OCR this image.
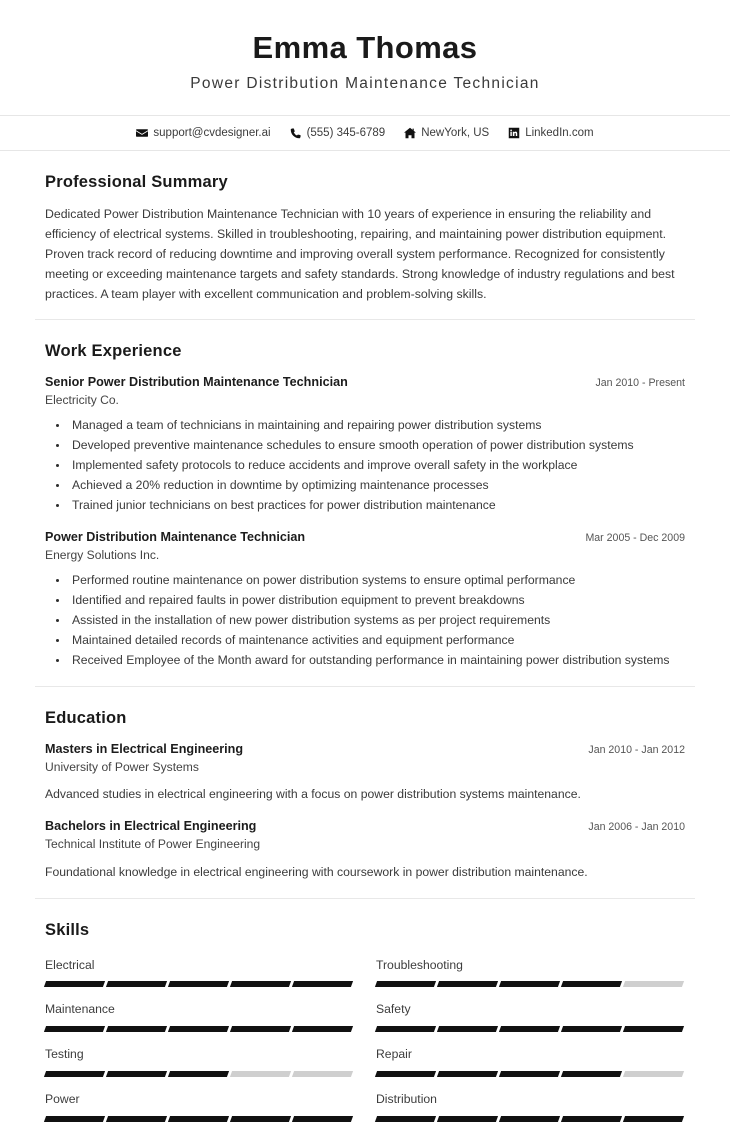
Emma Thomas
Power Distribution Maintenance Technician
support@cvdesigner.ai	(555) 345-6789	NewYork, US	LinkedIn.com
Professional Summary

Dedicated Power Distribution Maintenance Technician with 10 years of experience in ensuring the reliability and efficiency of electrical systems. Skilled in troubleshooting, repairing, and maintaining power distribution equipment. Proven track record of reducing downtime and improving overall system performance. Recognized for consistently meeting or exceeding maintenance targets and safety standards. Strong knowledge of industry regulations and best practices. A team player with excellent communication and problem-solving skills.

Work Experience
Senior Power Distribution Maintenance Technician	Jan 2010 - Present
Electricity Co.
• Managed a team of technicians in maintaining and repairing power distribution systems
• Developed preventive maintenance schedules to ensure smooth operation of power distribution systems
• Implemented safety protocols to reduce accidents and improve overall safety in the workplace
• Achieved a 20% reduction in downtime by optimizing maintenance processes
• Trained junior technicians on best practices for power distribution maintenance
Power Distribution Maintenance Technician	Mar 2005 - Dec 2009
Energy Solutions Inc.
• Performed routine maintenance on power distribution systems to ensure optimal performance
• Identified and repaired faults in power distribution equipment to prevent breakdowns
• Assisted in the installation of new power distribution systems as per project requirements
• Maintained detailed records of maintenance activities and equipment performance
• Received Employee of the Month award for outstanding performance in maintaining power distribution systems
Education
Masters in Electrical Engineering	Jan 2010 - Jan 2012
University of Power Systems
Advanced studies in electrical engineering with a focus on power distribution systems maintenance.
Bachelors in Electrical Engineering	Jan 2006 - Jan 2010
Technical Institute of Power Engineering
Foundational knowledge in electrical engineering with coursework in power distribution maintenance.
Skills
Electrical	Troubleshooting
Maintenance	Safety
Testing	Repair
Power	Distribution
